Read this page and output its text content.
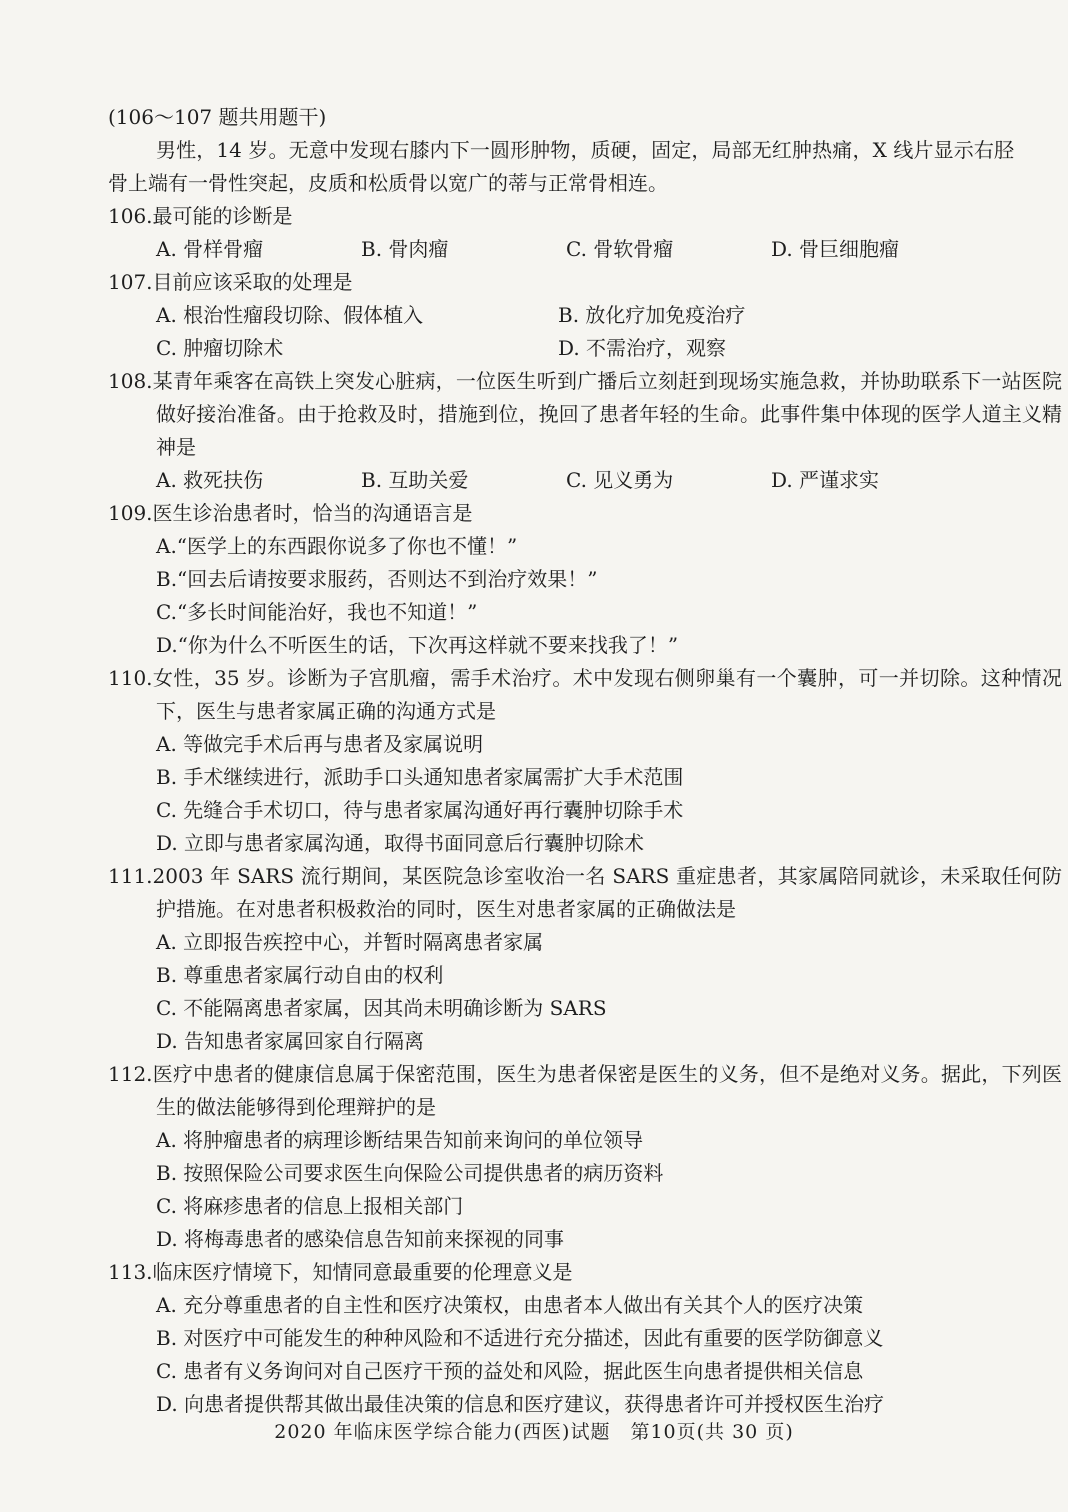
(106～107 题共用题干)
男性，14 岁。无意中发现右膝内下一圆形肿物，质硬，固定，局部无红肿热痛，X 线片显示右胫骨上端有一骨性突起，皮质和松质骨以宽广的蒂与正常骨相连。
106.最可能的诊断是
A. 骨样骨瘤	B. 骨肉瘤	C. 骨软骨瘤	D. 骨巨细胞瘤
107.目前应该采取的处理是
A. 根治性瘤段切除、假体植入	B. 放化疗加免疫治疗
C. 肿瘤切除术	D. 不需治疗，观察
108.某青年乘客在高铁上突发心脏病，一位医生听到广播后立刻赶到现场实施急救，并协助联系下一站医院做好接治准备。由于抢救及时，措施到位，挽回了患者年轻的生命。此事件集中体现的医学人道主义精神是
A. 救死扶伤	B. 互助关爱	C. 见义勇为	D. 严谨求实
109.医生诊治患者时，恰当的沟通语言是
A.“医学上的东西跟你说多了你也不懂！”
B.“回去后请按要求服药，否则达不到治疗效果！”
C.“多长时间能治好，我也不知道！”
D.“你为什么不听医生的话，下次再这样就不要来找我了！”
110.女性，35 岁。诊断为子宫肌瘤，需手术治疗。术中发现右侧卵巢有一个囊肿，可一并切除。这种情况下，医生与患者家属正确的沟通方式是
A. 等做完手术后再与患者及家属说明
B. 手术继续进行，派助手口头通知患者家属需扩大手术范围
C. 先缝合手术切口，待与患者家属沟通好再行囊肿切除手术
D. 立即与患者家属沟通，取得书面同意后行囊肿切除术
111.2003 年 SARS 流行期间，某医院急诊室收治一名 SARS 重症患者，其家属陪同就诊，未采取任何防护措施。在对患者积极救治的同时，医生对患者家属的正确做法是
A. 立即报告疾控中心，并暂时隔离患者家属
B. 尊重患者家属行动自由的权利
C. 不能隔离患者家属，因其尚未明确诊断为 SARS
D. 告知患者家属回家自行隔离
112.医疗中患者的健康信息属于保密范围，医生为患者保密是医生的义务，但不是绝对义务。据此，下列医生的做法能够得到伦理辩护的是
A. 将肿瘤患者的病理诊断结果告知前来询问的单位领导
B. 按照保险公司要求医生向保险公司提供患者的病历资料
C. 将麻疹患者的信息上报相关部门
D. 将梅毒患者的感染信息告知前来探视的同事
113.临床医疗情境下，知情同意最重要的伦理意义是
A. 充分尊重患者的自主性和医疗决策权，由患者本人做出有关其个人的医疗决策
B. 对医疗中可能发生的种种风险和不适进行充分描述，因此有重要的医学防御意义
C. 患者有义务询问对自己医疗干预的益处和风险，据此医生向患者提供相关信息
D. 向患者提供帮其做出最佳决策的信息和医疗建议，获得患者许可并授权医生治疗
2020 年临床医学综合能力(西医)试题　第10页(共 30 页)
